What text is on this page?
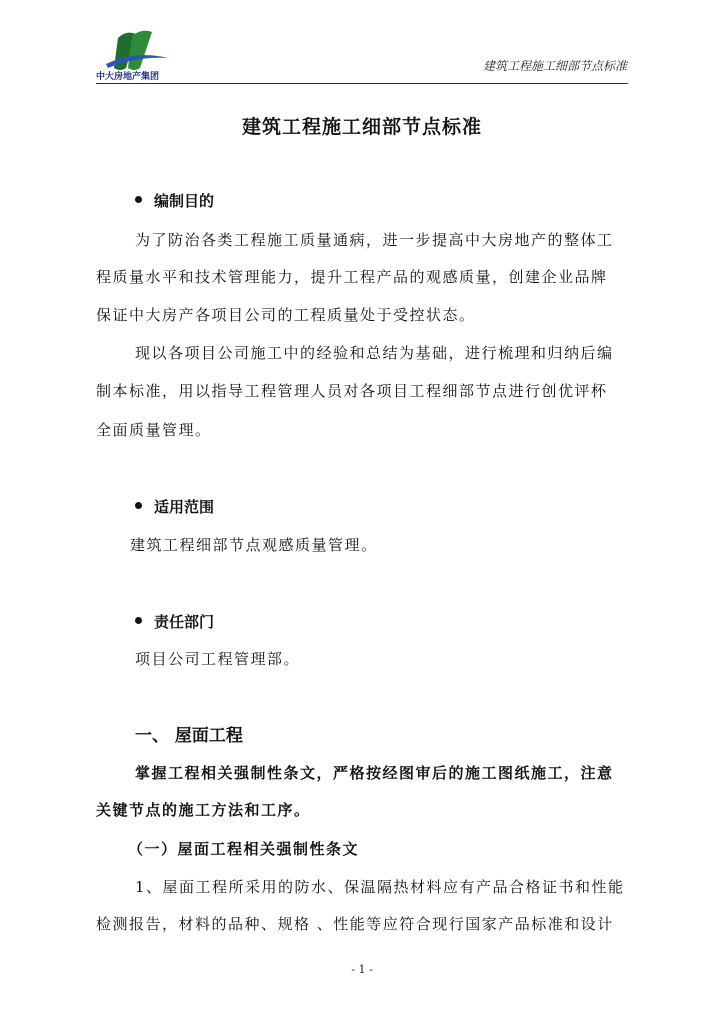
中大房地产集团
建筑工程施工细部节点标准
建筑工程施工细部节点标准
编制目的
为了防治各类工程施工质量通病，进一步提高中大房地产的整体工
程质量水平和技术管理能力，提升工程产品的观感质量，创建企业品牌
保证中大房产各项目公司的工程质量处于受控状态。
现以各项目公司施工中的经验和总结为基础，进行梳理和归纳后编
制本标准，用以指导工程管理人员对各项目工程细部节点进行创优评杯
全面质量管理。
适用范围
建筑工程细部节点观感质量管理。
责任部门
项目公司工程管理部。
一、 屋面工程
掌握工程相关强制性条文，严格按经图审后的施工图纸施工，注意
关键节点的施工方法和工序。
（一）屋面工程相关强制性条文
1、屋面工程所采用的防水、保温隔热材料应有产品合格证书和性能
检测报告，材料的品种、规格 、性能等应符合现行国家产品标准和设计
- 1 -
